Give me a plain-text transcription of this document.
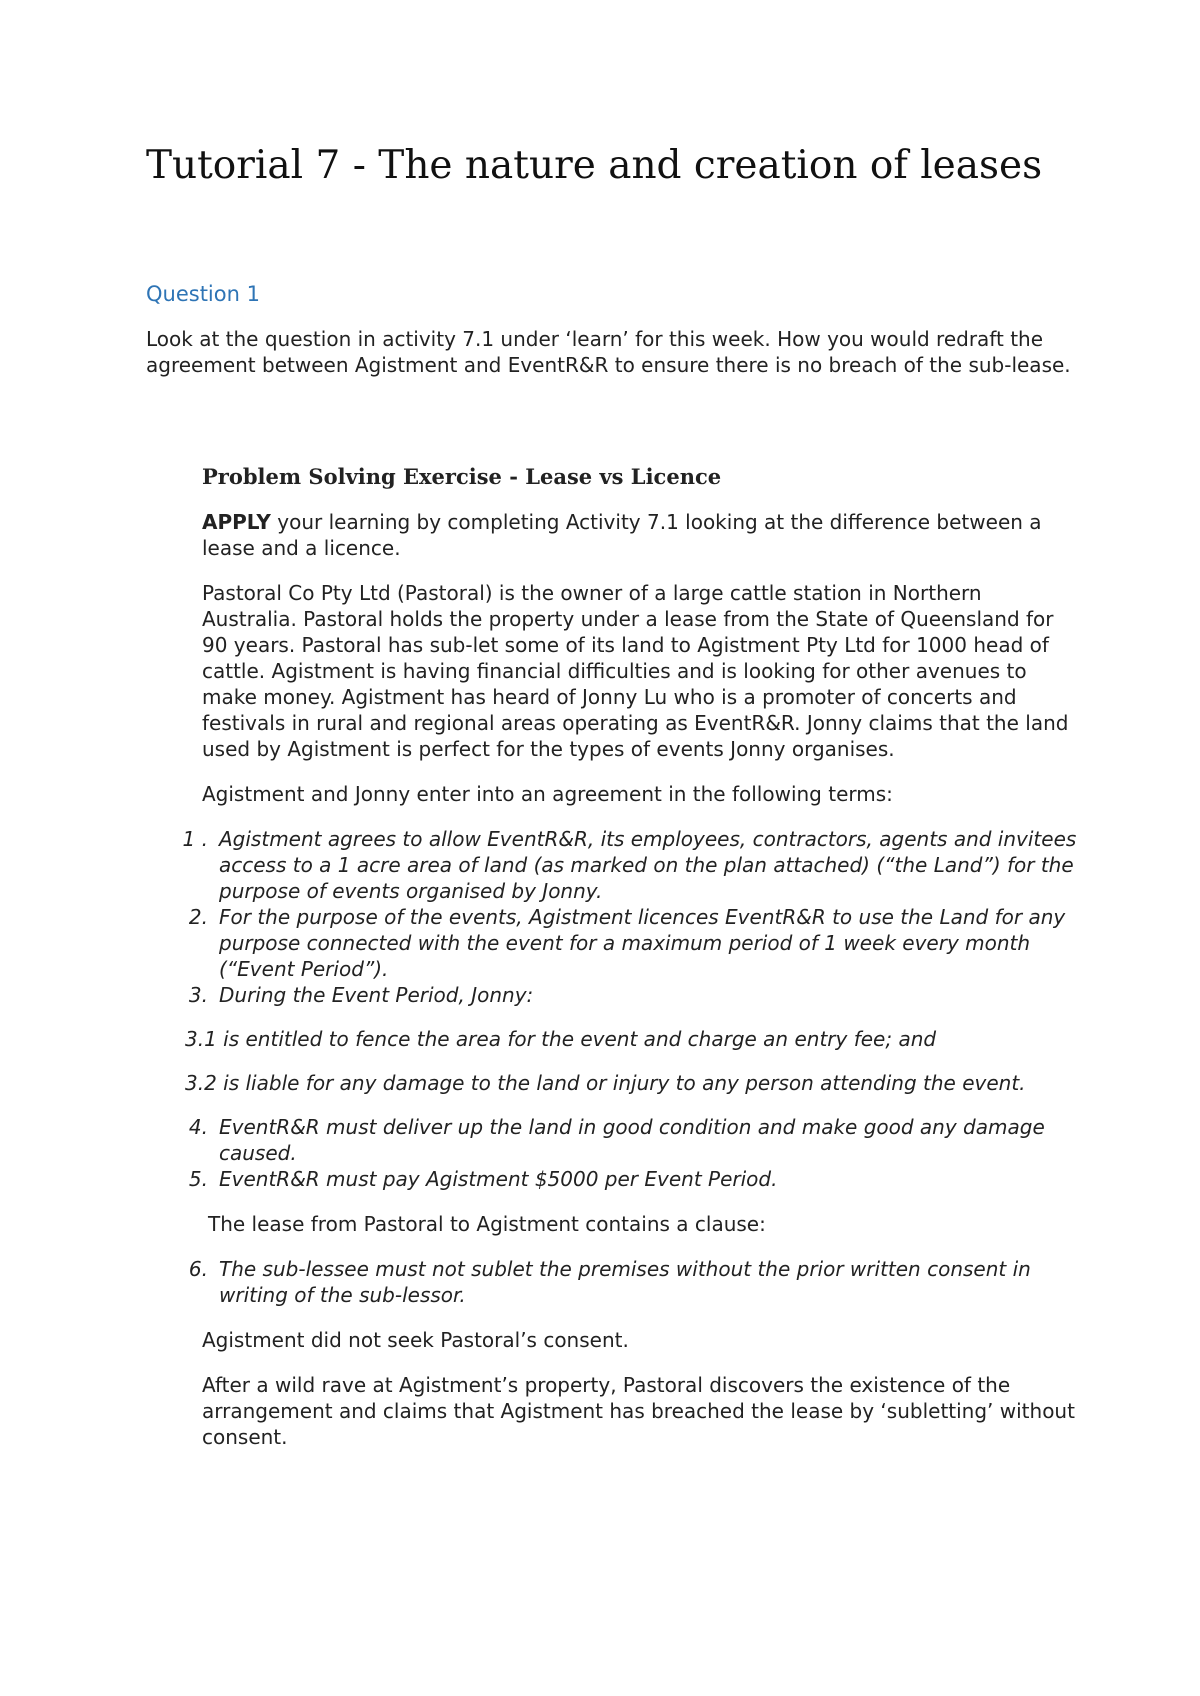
Tutorial 7 - The nature and creation of leases
Question 1

Look at the question in activity 7.1 under ‘learn’ for this week. How you would redraft the agreement between Agistment and EventR&R to ensure there is no breach of the sub-lease.

Problem Solving Exercise - Lease vs Licence

APPLY your learning by completing Activity 7.1 looking at the difference between a lease and a licence.

Pastoral Co Pty Ltd (Pastoral) is the owner of a large cattle station in Northern Australia. Pastoral holds the property under a lease from the State of Queensland for 90 years. Pastoral has sub-let some of its land to Agistment Pty Ltd for 1000 head of cattle. Agistment is having financial difficulties and is looking for other avenues to make money. Agistment has heard of Jonny Lu who is a promoter of concerts and festivals in rural and regional areas operating as EventR&R. Jonny claims that the land used by Agistment is perfect for the types of events Jonny organises.

Agistment and Jonny enter into an agreement in the following terms:

1 . Agistment agrees to allow EventR&R, its employees, contractors, agents and invitees access to a 1 acre area of land (as marked on the plan attached) (“the Land”) for the purpose of events organised by Jonny.
2. For the purpose of the events, Agistment licences EventR&R to use the Land for any purpose connected with the event for a maximum period of 1 week every month (“Event Period”).
3. During the Event Period, Jonny:

3.1 is entitled to fence the area for the event and charge an entry fee; and

3.2 is liable for any damage to the land or injury to any person attending the event.

4. EventR&R must deliver up the land in good condition and make good any damage caused.
5. EventR&R must pay Agistment $5000 per Event Period.

The lease from Pastoral to Agistment contains a clause:

6. The sub-lessee must not sublet the premises without the prior written consent in writing of the sub-lessor.

Agistment did not seek Pastoral’s consent.

After a wild rave at Agistment’s property, Pastoral discovers the existence of the arrangement and claims that Agistment has breached the lease by ‘subletting’ without consent.
